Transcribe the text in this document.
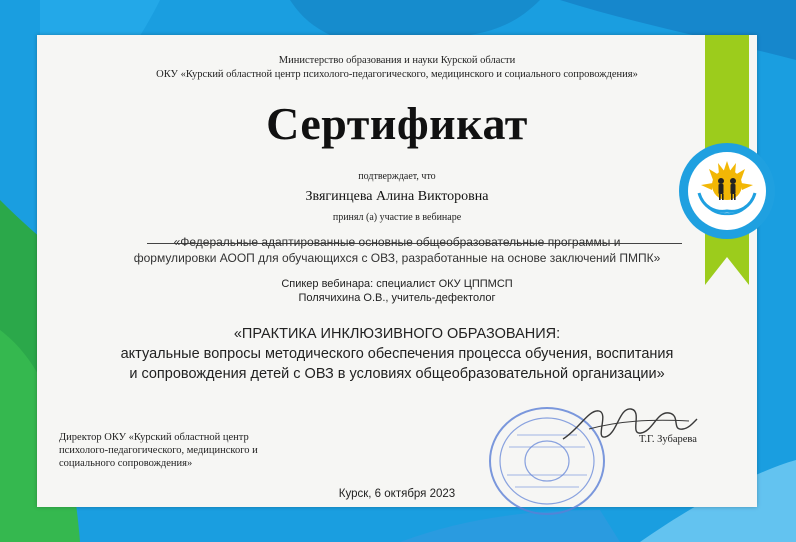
Министерство образования и науки Курской области
ОКУ «Курский областной центр психолого-педагогического, медицинского и социального сопровождения»
Сертификат
подтверждает, что
Звягинцева Алина Викторовна
принял (а) участие в вебинаре
«Федеральные адаптированные основные общеобразовательные программы и
формулировки АООП для обучающихся с ОВЗ, разработанные на основе заключений ПМПК»
Спикер вебинара: специалист ОКУ ЦППМСП
Полячихина О.В., учитель-дефектолог
«ПРАКТИКА ИНКЛЮЗИВНОГО ОБРАЗОВАНИЯ:
актуальные вопросы методического обеспечения процесса обучения, воспитания
и сопровождения детей с ОВЗ в условиях общеобразовательной организации»
Директор ОКУ «Курский областной центр
психолого-педагогического, медицинского и
социального сопровождения»
Т.Г. Зубарева
Курск, 6 октября 2023
